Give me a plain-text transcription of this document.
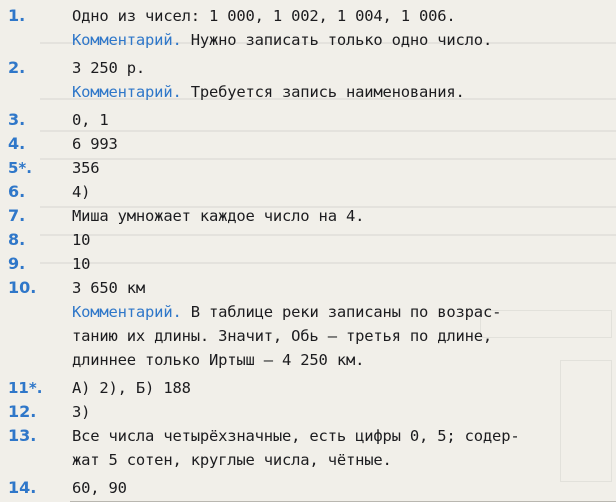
1.	Одно из чисел: 1 000, 1 002, 1 004, 1 006.
Комментарий. Нужно записать только одно число.
2.	3 250 р.
Комментарий. Требуется запись наименования.
3.	0, 1
4.	6 993
5*.	356
6.	4)
7.	Миша умножает каждое число на 4.
8.	10
9.	10
10.	3 650 км
Комментарий. В таблице реки записаны по возрас-
танию их длины. Значит, Обь — третья по длине,
длиннее только Иртыш — 4 250 км.
11*.	А) 2), Б) 188
12.	3)
13.	Все числа четырёхзначные, есть цифры 0, 5; содер-
жат 5 сотен, круглые числа, чётные.
14.	60, 90
